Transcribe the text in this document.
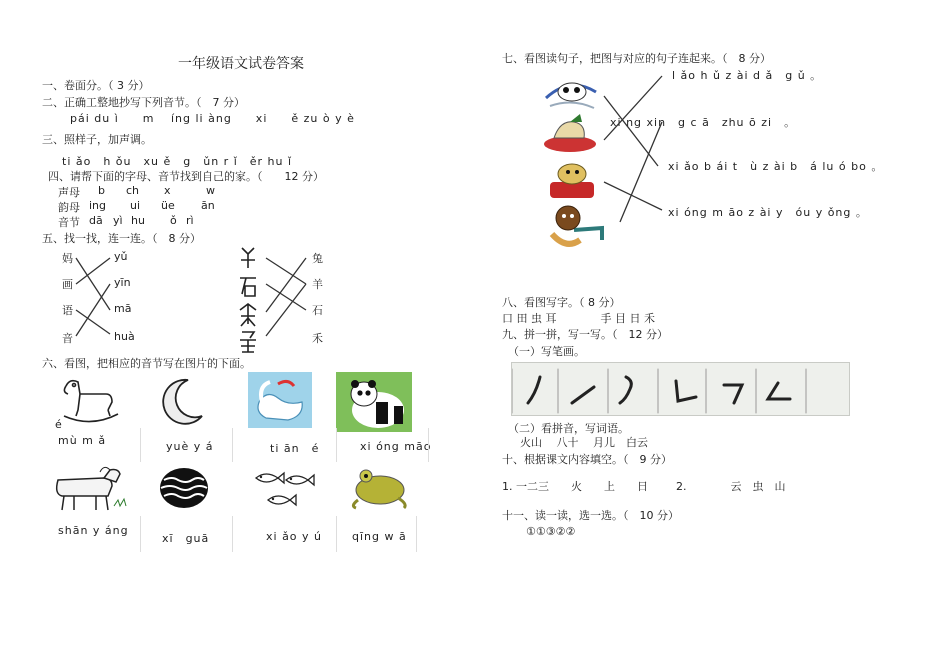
一年级语文试卷答案
一、卷面分。（ 3 分）
二、正确工整地抄写下列音节。（　7 分）
pái du ì　　m　 íng li àng　　xi　　ě zu ò y è
三、照样子，加声调。
ti ǎo　h ǒu　xu ě　g　ǔn r ǐ　ěr hu ǐ
四、请帮下面的字母、音节找到自己的家。（　　12 分）
声母 b ch x	w
韵母 ing ui üe ān
音节 dā yì hu ǒ rì
五、找一找，连一连。（　8 分）
妈
画
语
音
yǔ
yīn
mā
huà
兔
羊
石
禾
六、看图，把相应的音节写在图片的下面。
é
mù m ǎ	yuè y á	ti ān　é	xi óng māo
shān y áng
xī　guā	xi ǎo y ú	qīng w ā
七、看图读句子，把图与对应的句子连起来。（　8 分）
l ǎo h ǔ z ài d ǎ　g ǔ 。
xi ng xin　g c ā　zhu ō zi　。
xi ǎo b ái t　ù z ài b　á lu ó bo 。
xi óng m āo z ài y　óu y ǒng 。
八、看图写字。（ 8 分）
口 田 虫 耳　　　　手 目 日 禾
九、拼一拼，写一写。（　12 分）
（一）写笔画。
（二）看拼音，写词语。
火山　 八十　 月儿　白云
十、根据课文内容填空。（　9 分）
1. 一二三　　火　　上　　日	2.　　　　云　虫　山
十一、读一读，选一选。（　10 分）
①①③②②
